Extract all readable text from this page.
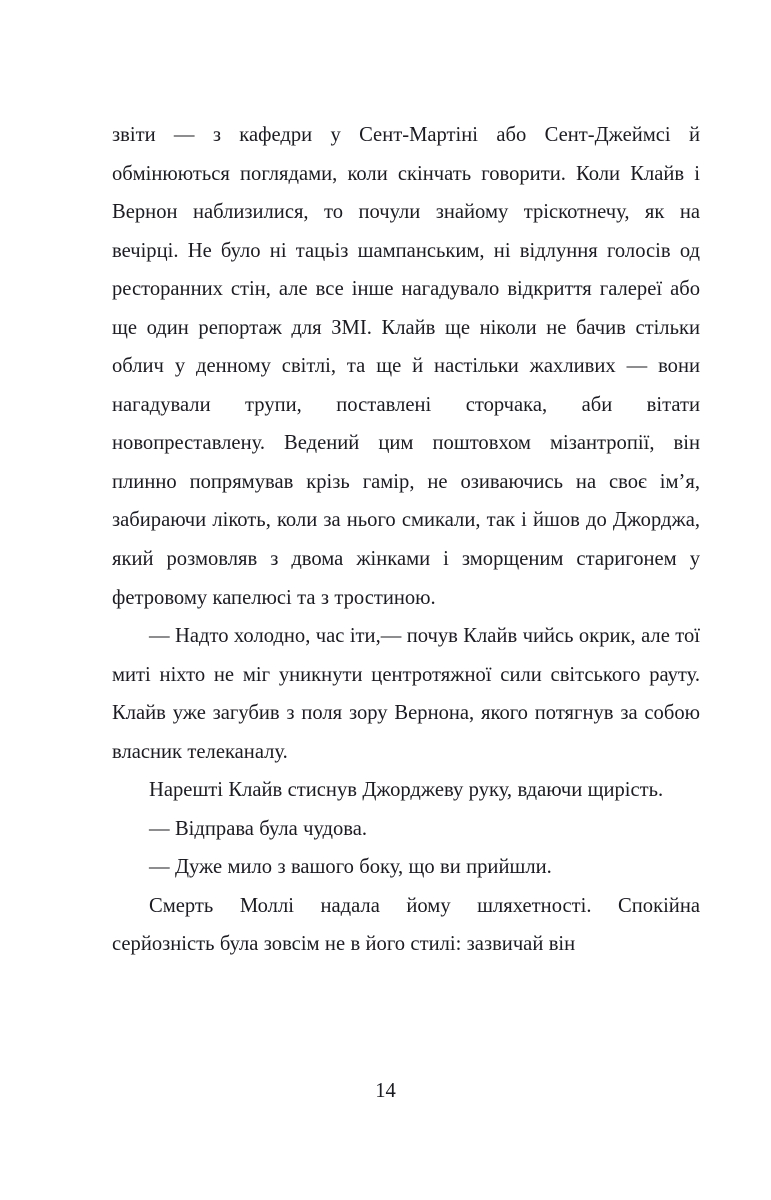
звіти — з кафедри у Сент-Мартіні або Сент-Джеймсі й обмінюються поглядами, коли скінчать говорити. Коли Клайв і Вернон наблизилися, то почули знайому тріскотнечу, як на вечірці. Не було ні тацьіз шампанським, ні відлуння голосів од ресторанних стін, але все інше нагадувало відкриття галереї або ще один репортаж для ЗМІ. Клайв ще ніколи не бачив стільки облич у денному світлі, та ще й настільки жахливих — вони нагадували трупи, поставлені сторчака, аби вітати новопреставлену. Ведений цим поштовхом мізантропії, він плинно попрямував крізь гамір, не озиваючись на своє ім’я, забираючи лікоть, коли за нього смикали, так і йшов до Джорджа, який розмовляв з двома жінками і зморщеним старигонем у фетровому капелюсі та з тростиною.

— Надто холодно, час іти,— почув Клайв чийсь окрик, але тої миті ніхто не міг уникнути центротяжної сили світського рауту. Клайв уже загубив з поля зору Вернона, якого потягнув за собою власник телеканалу.

Нарешті Клайв стиснув Джорджеву руку, вдаючи щирість.

— Відправа була чудова.

— Дуже мило з вашого боку, що ви прийшли.

Смерть Моллі надала йому шляхетності. Спокійна серйозність була зовсім не в його стилі: зазвичай він

14
